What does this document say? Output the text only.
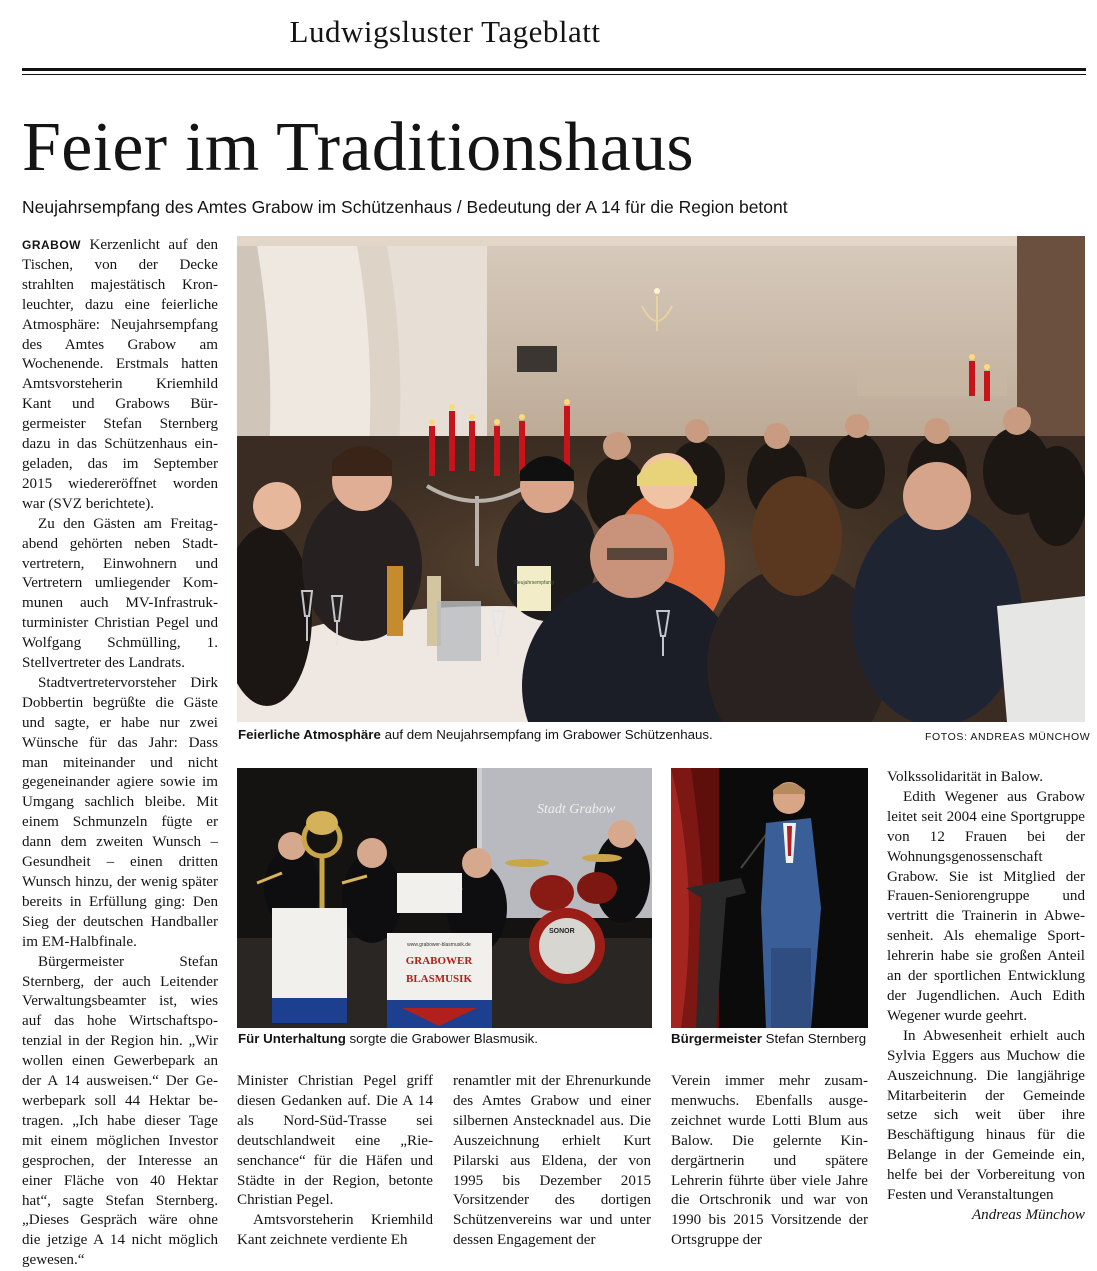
Ludwigsluster Tageblatt
Feier im Traditionshaus
Neujahrsempfang des Amtes Grabow im Schützenhaus / Bedeutung der A 14 für die Region betont

GRABOW Kerzenlicht auf den Tischen, von der Decke strahlten majestätisch Kronleuchter, dazu eine feierliche Atmosphäre: Neujahrsempfang des Amtes Grabow am Wochenende. Erstmals hatten Amtsvorsteherin Kriemhild Kant und Grabows Bürgermeister Stefan Sternberg dazu in das Schützenhaus eingeladen, das im September 2015 wiedereröffnet worden war (SVZ berichtete).

Zu den Gästen am Freitagabend gehörten neben Stadtvertretern, Einwohnern und Vertretern umliegender Kommunen auch MV-Infrastrukturminister Christian Pegel und Wolfgang Schmülling, 1. Stellvertreter des Landrats.

Stadtvertretervorsteher Dirk Dobbertin begrüßte die Gäste und sagte, er habe nur zwei Wünsche für das Jahr: Dass man miteinander und nicht gegeneinander agiere sowie im Umgang sachlich bleibe. Mit einem Schmunzeln fügte er dann dem zweiten Wunsch – Gesundheit – einen dritten Wunsch hinzu, der wenig später bereits in Erfüllung ging: Den Sieg der deutschen Handballer im EM-Halbfinale.

Bürgermeister Stefan Sternberg, der auch Leitender Verwaltungsbeamter ist, wies auf das hohe Wirtschaftspotenzial in der Region hin. „Wir wollen einen Gewerbepark an der A 14 ausweisen.“ Der Gewerbepark soll 44 Hektar betragen. „Ich habe dieser Tage mit einem möglichen Investor gesprochen, der Interesse an einer Fläche von 40 Hektar hat“, sagte Stefan Sternberg. „Dieses Gespräch wäre ohne die jetzige A 14 nicht möglich gewesen.“

Neujahrsempfang
Feierliche Atmosphäre auf dem Neujahrsempfang im Grabower Schützenhaus.	FOTOS: ANDREAS MÜNCHOW
Stadt Grabow
SONOR
GRABOWER
BLASMUSIK
www.grabower-blasmusik.de
Für Unterhaltung sorgte die Grabower Blasmusik.	Bürgermeister Stefan Sternberg

Minister Christian Pegel griff diesen Gedanken auf. Die A 14 als Nord-Süd-Trasse sei deutschlandweit eine „Riesenchance“ für die Häfen und Städte in der Region, betonte Christian Pegel.

Amtsvorsteherin Kriemhild Kant zeichnete verdiente Eh

renamtler mit der Ehrenurkunde des Amtes Grabow und einer silbernen Anstecknadel aus. Die Auszeichnung erhielt Kurt Pilarski aus Eldena, der von 1995 bis Dezember 2015 Vorsitzender des dortigen Schützenvereins war und unter dessen Engagement der

Verein immer mehr zusammenwuchs. Ebenfalls ausgezeichnet wurde Lotti Blum aus Balow. Die gelernte Kindergärtnerin und spätere Lehrerin führte über viele Jahre die Ortschronik und war von 1990 bis 2015 Vorsitzende der Ortsgruppe der

Volkssolidarität in Balow.

Edith Wegener aus Grabow leitet seit 2004 eine Sportgruppe von 12 Frauen bei der Wohnungsgenossenschaft Grabow. Sie ist Mitglied der Frauen-Seniorengruppe und vertritt die Trainerin in Abwesenheit. Als ehemalige Sportlehrerin habe sie großen Anteil an der sportlichen Entwicklung der Jugendlichen. Auch Edith Wegener wurde geehrt.

In Abwesenheit erhielt auch Sylvia Eggers aus Muchow die Auszeichnung. Die langjährige Mitarbeiterin der Gemeinde setze sich weit über ihre Beschäftigung hinaus für die Belange in der Gemeinde ein, helfe bei der Vorbereitung von Festen und Veranstaltungen

Andreas Münchow
